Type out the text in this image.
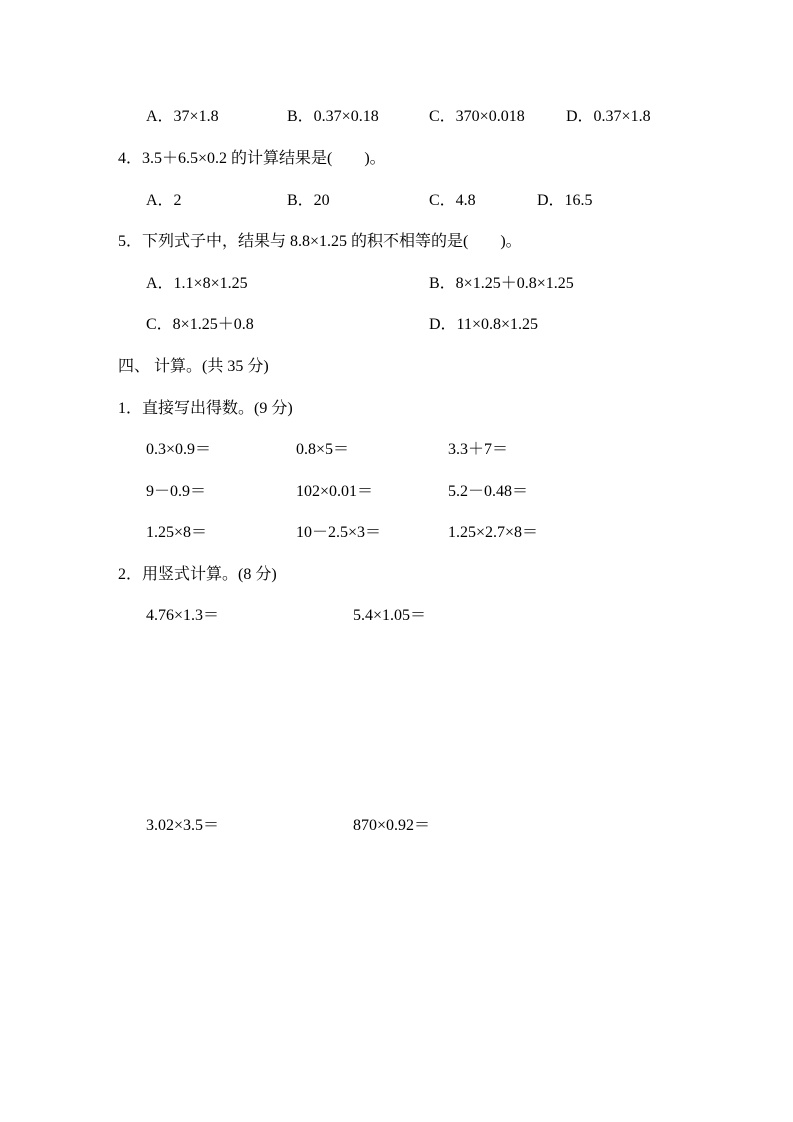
A．37×1.8	B．0.37×0.18	C．370×0.018	D．0.37×1.8

4．3.5＋6.5×0.2 的计算结果是(　　)。

A．2	B．20	C．4.8	D．16.5

5．下列式子中，结果与 8.8×1.25 的积不相等的是(　　)。

A．1.1×8×1.25	B．8×1.25＋0.8×1.25

C．8×1.25＋0.8	D．11×0.8×1.25

四、 计算。(共 35 分)

1．直接写出得数。(9 分)

0.3×0.9＝	0.8×5＝	3.3＋7＝

9－0.9＝	102×0.01＝	5.2－0.48＝

1.25×8＝	10－2.5×3＝	1.25×2.7×8＝

2．用竖式计算。(8 分)

4.76×1.3＝	5.4×1.05＝

3.02×3.5＝	870×0.92＝
